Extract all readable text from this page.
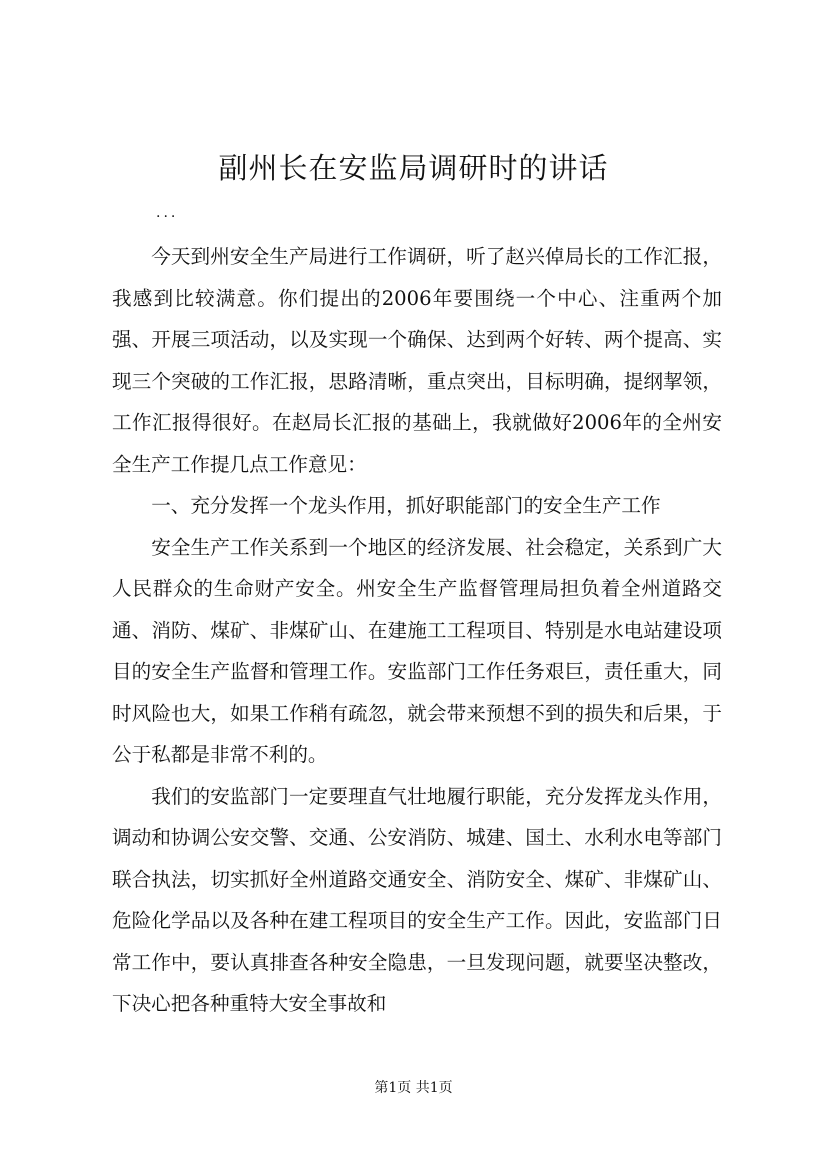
副州长在安监局调研时的讲话
...

今天到州安全生产局进行工作调研，听了赵兴倬局长的工作汇报，我感到比较满意。你们提出的2006年要围绕一个中心、注重两个加强、开展三项活动，以及实现一个确保、达到两个好转、两个提高、实现三个突破的工作汇报，思路清晰，重点突出，目标明确，提纲挈领，工作汇报得很好。在赵局长汇报的基础上，我就做好2006年的全州安全生产工作提几点工作意见：

一、充分发挥一个龙头作用，抓好职能部门的安全生产工作

安全生产工作关系到一个地区的经济发展、社会稳定，关系到广大人民群众的生命财产安全。州安全生产监督管理局担负着全州道路交通、消防、煤矿、非煤矿山、在建施工工程项目、特别是水电站建设项目的安全生产监督和管理工作。安监部门工作任务艰巨，责任重大，同时风险也大，如果工作稍有疏忽，就会带来预想不到的损失和后果，于公于私都是非常不利的。

我们的安监部门一定要理直气壮地履行职能，充分发挥龙头作用，调动和协调公安交警、交通、公安消防、城建、国土、水利水电等部门联合执法，切实抓好全州道路交通安全、消防安全、煤矿、非煤矿山、危险化学品以及各种在建工程项目的安全生产工作。因此，安监部门日常工作中，要认真排查各种安全隐患，一旦发现问题，就要坚决整改，下决心把各种重特大安全事故和

第1页 共1页
